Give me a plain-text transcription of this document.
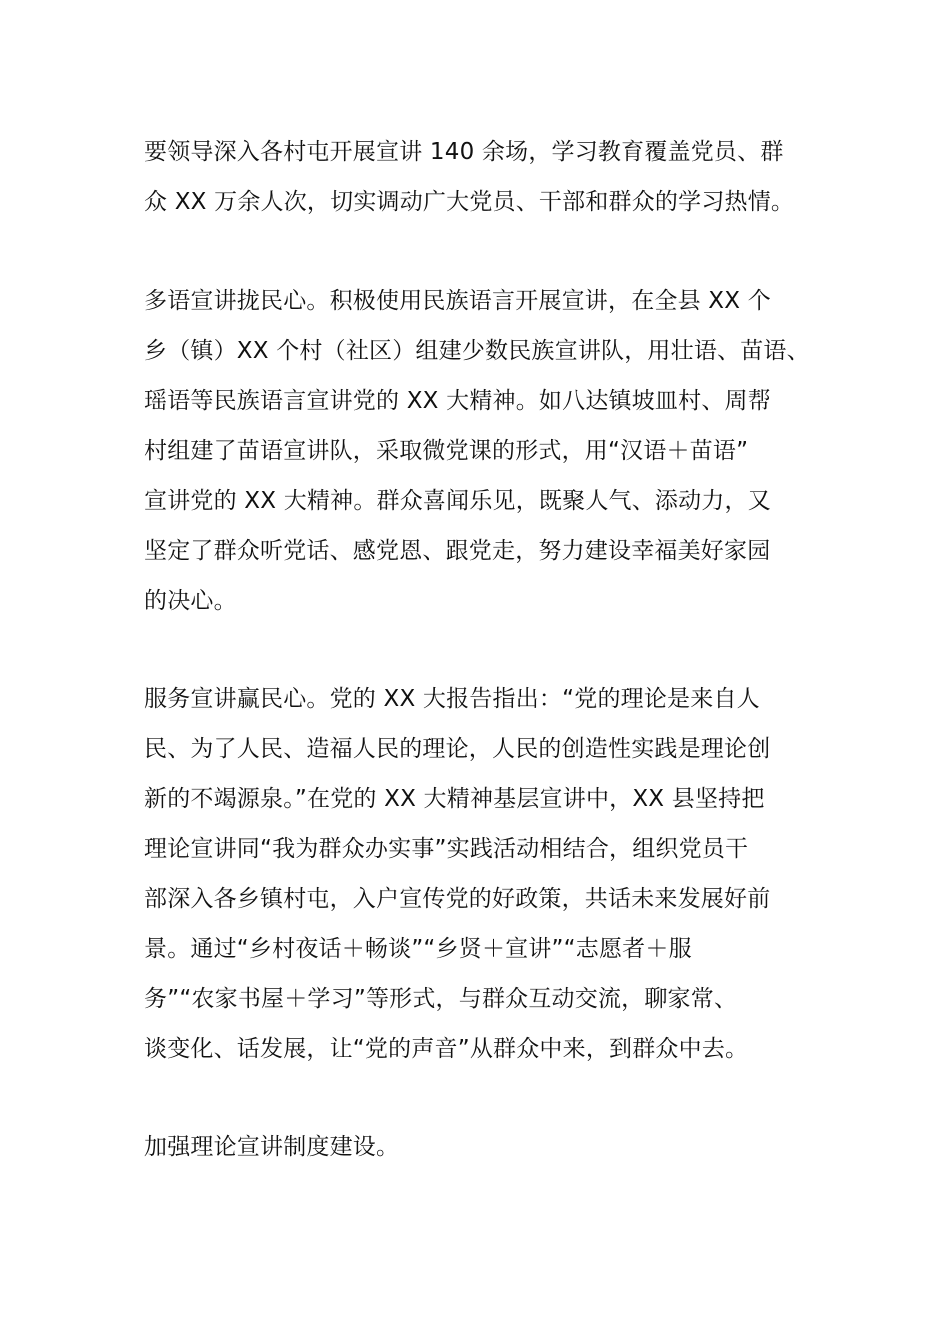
要领导深入各村屯开展宣讲 140 余场，学习教育覆盖党员、群
众 XX 万余人次，切实调动广大党员、干部和群众的学习热情。
多语宣讲拢民心。积极使用民族语言开展宣讲，在全县 XX 个
乡（镇）XX 个村（社区）组建少数民族宣讲队，用壮语、苗语、
瑶语等民族语言宣讲党的 XX 大精神。如八达镇坡皿村、周帮
村组建了苗语宣讲队，采取微党课的形式，用“汉语＋苗语”
宣讲党的 XX 大精神。群众喜闻乐见，既聚人气、添动力，又
坚定了群众听党话、感党恩、跟党走，努力建设幸福美好家园
的决心。
服务宣讲赢民心。党的 XX 大报告指出：“党的理论是来自人
民、为了人民、造福人民的理论，人民的创造性实践是理论创
新的不竭源泉。”在党的 XX 大精神基层宣讲中，XX 县坚持把
理论宣讲同“我为群众办实事”实践活动相结合，组织党员干
部深入各乡镇村屯，入户宣传党的好政策，共话未来发展好前
景。通过“乡村夜话＋畅谈”“乡贤＋宣讲”“志愿者＋服
务”“农家书屋＋学习”等形式，与群众互动交流，聊家常、
谈变化、话发展，让“党的声音”从群众中来，到群众中去。
加强理论宣讲制度建设。
